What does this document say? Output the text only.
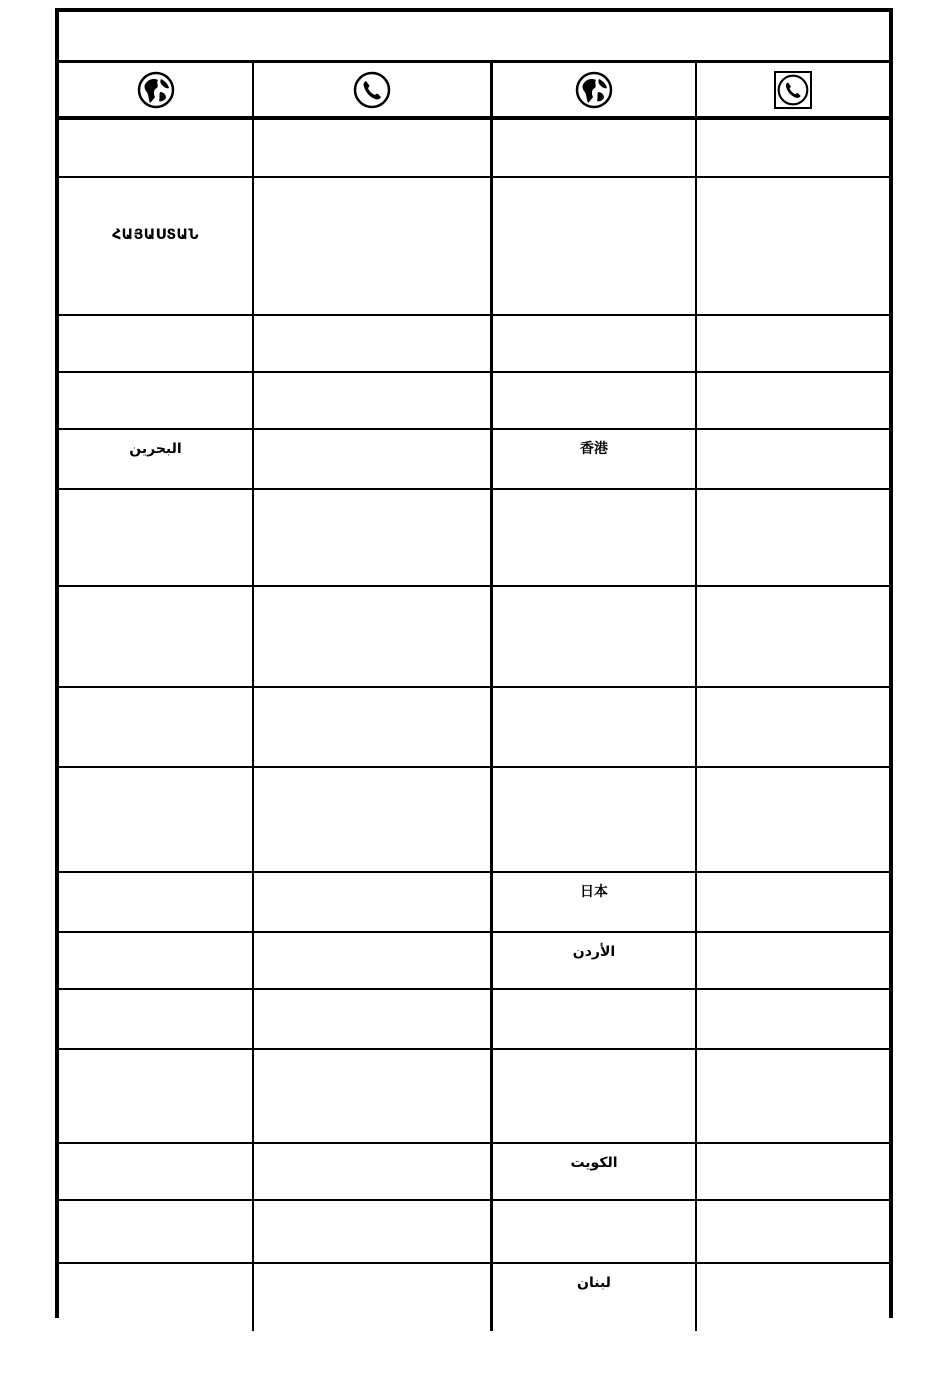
ՀԱՅԱՍՏԱՆ
البحرين	香港
日本
الأردن
الكويت
لبنان
